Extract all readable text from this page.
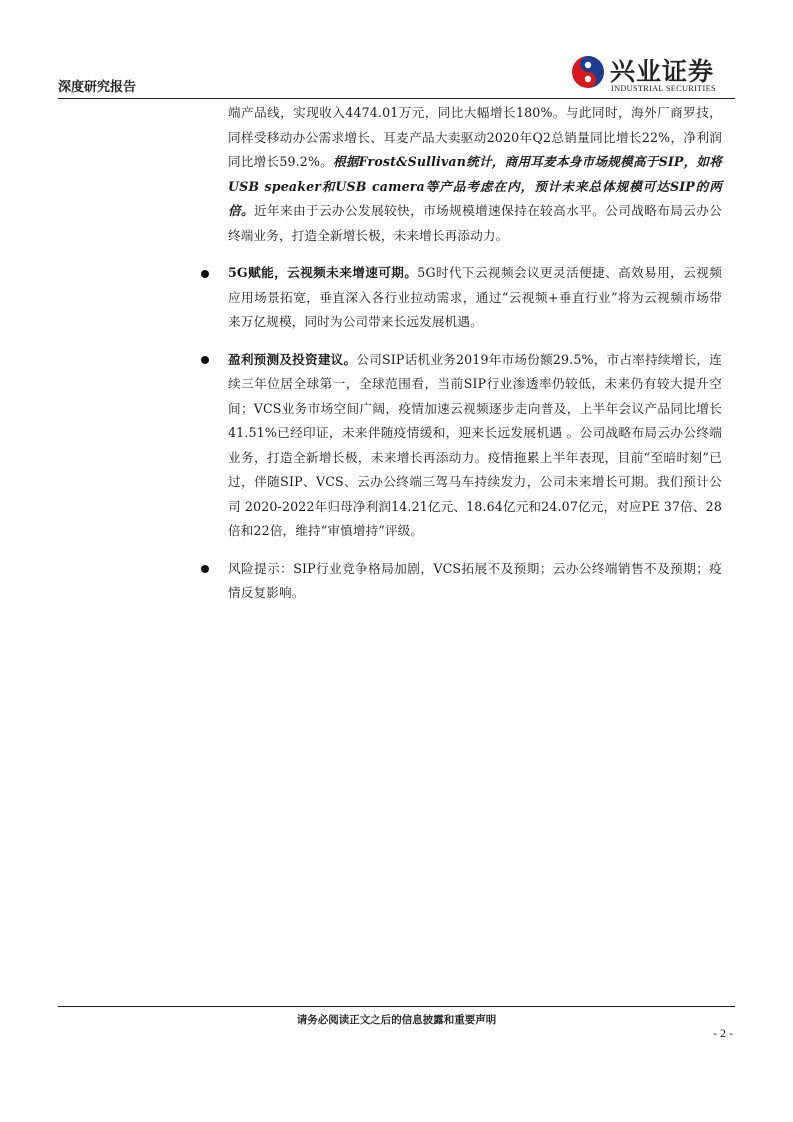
深度研究报告
兴业证券
INDUSTRIAL SECURITIES

端产品线，实现收入4474.01万元，同比大幅增长180%。与此同时，海外厂商罗技，同样受移动办公需求增长、耳麦产品大卖驱动2020年Q2总销量同比增长22%，净利润同比增长59.2%。根据Frost&Sullivan统计，商用耳麦本身市场规模高于SIP，如将USB speaker和USB camera等产品考虑在内，预计未来总体规模可达SIP的两倍。近年来由于云办公发展较快，市场规模增速保持在较高水平。公司战略布局云办公终端业务，打造全新增长极，未来增长再添动力。

5G赋能，云视频未来增速可期。5G时代下云视频会议更灵活便捷、高效易用，云视频应用场景拓宽，垂直深入各行业拉动需求，通过“云视频+垂直行业”将为云视频市场带来万亿规模，同时为公司带来长远发展机遇。

盈利预测及投资建议。公司SIP话机业务2019年市场份额29.5%，市占率持续增长，连续三年位居全球第一，全球范围看，当前SIP行业渗透率仍较低，未来仍有较大提升空间；VCS业务市场空间广阔，疫情加速云视频逐步走向普及，上半年会议产品同比增长41.51%已经印证，未来伴随疫情缓和，迎来长远发展机遇 。公司战略布局云办公终端业务，打造全新增长极，未来增长再添动力。疫情拖累上半年表现，目前“至暗时刻”已过，伴随SIP、VCS、云办公终端三驾马车持续发力，公司未来增长可期。我们预计公司 2020-2022年归母净利润14.21亿元、18.64亿元和24.07亿元，对应PE 37倍、28倍和22倍，维持“审慎增持”评级。

风险提示：SIP行业竞争格局加剧，VCS拓展不及预期；云办公终端销售不及预期；疫情反复影响。

请务必阅读正文之后的信息披露和重要声明
- 2 -
